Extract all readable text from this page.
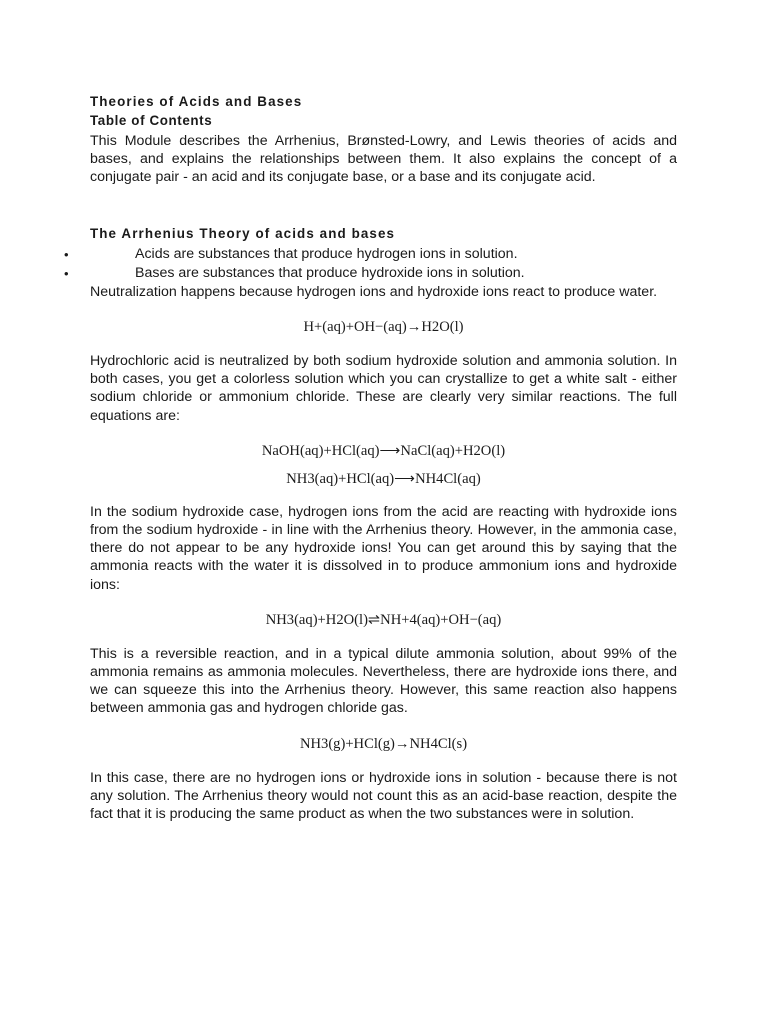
Theories of Acids and Bases
Table of Contents

This Module describes the Arrhenius, Brønsted-Lowry, and Lewis theories of acids and bases, and explains the relationships between them. It also explains the concept of a conjugate pair - an acid and its conjugate base, or a base and its conjugate acid.

The Arrhenius Theory of acids and bases
•	Acids are substances that produce hydrogen ions in solution.
•	Bases are substances that produce hydroxide ions in solution.

Neutralization happens because hydrogen ions and hydroxide ions react to produce water.

H+(aq)+OH−(aq)→H2O(l)

Hydrochloric acid is neutralized by both sodium hydroxide solution and ammonia solution. In both cases, you get a colorless solution which you can crystallize to get a white salt - either sodium chloride or ammonium chloride. These are clearly very similar reactions. The full equations are:

NaOH(aq)+HCl(aq)⟶NaCl(aq)+H2O(l)
NH3(aq)+HCl(aq)⟶NH4Cl(aq)

In the sodium hydroxide case, hydrogen ions from the acid are reacting with hydroxide ions from the sodium hydroxide - in line with the Arrhenius theory. However, in the ammonia case, there do not appear to be any hydroxide ions! You can get around this by saying that the ammonia reacts with the water it is dissolved in to produce ammonium ions and hydroxide ions:

NH3(aq)+H2O(l)⇌NH+4(aq)+OH−(aq)

This is a reversible reaction, and in a typical dilute ammonia solution, about 99% of the ammonia remains as ammonia molecules. Nevertheless, there are hydroxide ions there, and we can squeeze this into the Arrhenius theory. However, this same reaction also happens between ammonia gas and hydrogen chloride gas.

NH3(g)+HCl(g)→NH4Cl(s)

In this case, there are no hydrogen ions or hydroxide ions in solution - because there is not any solution. The Arrhenius theory would not count this as an acid-base reaction, despite the fact that it is producing the same product as when the two substances were in solution.
